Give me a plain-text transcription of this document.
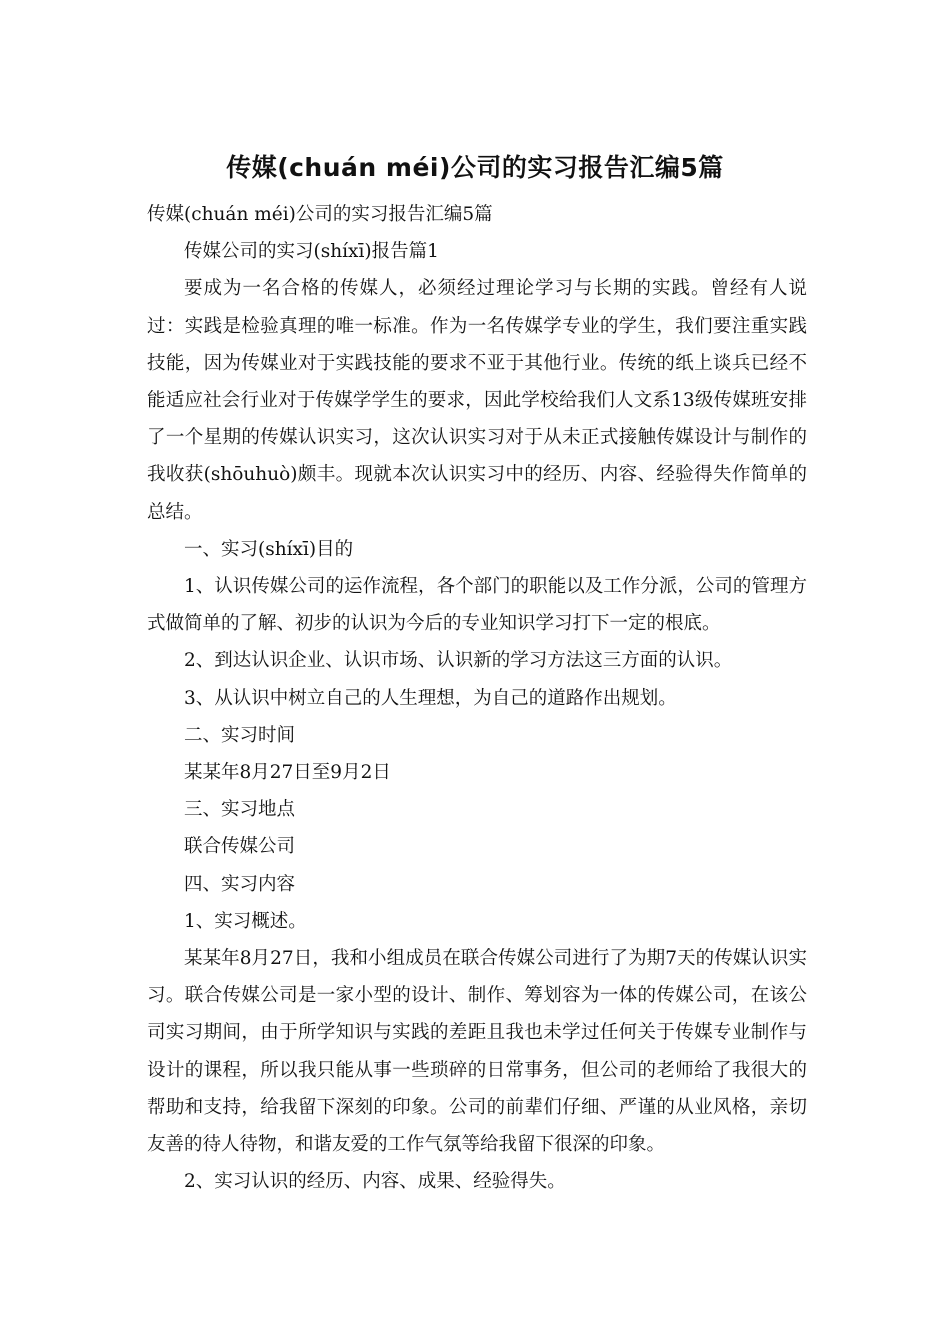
传媒(chuán méi)公司的实习报告汇编5篇

传媒(chuán méi)公司的实习报告汇编5篇

传媒公司的实习(shíxī)报告篇1

要成为一名合格的传媒人，必须经过理论学习与长期的实践。曾经有人说过：实践是检验真理的唯一标准。作为一名传媒学专业的学生，我们要注重实践技能，因为传媒业对于实践技能的要求不亚于其他行业。传统的纸上谈兵已经不能适应社会行业对于传媒学学生的要求，因此学校给我们人文系13级传媒班安排了一个星期的传媒认识实习，这次认识实习对于从未正式接触传媒设计与制作的我收获(shōuhuò)颇丰。现就本次认识实习中的经历、内容、经验得失作简单的总结。

一、实习(shíxī)目的

1、认识传媒公司的运作流程，各个部门的职能以及工作分派，公司的管理方式做简单的了解、初步的认识为今后的专业知识学习打下一定的根底。

2、到达认识企业、认识市场、认识新的学习方法这三方面的认识。

3、从认识中树立自己的人生理想，为自己的道路作出规划。

二、实习时间

某某年8月27日至9月2日

三、实习地点

联合传媒公司

四、实习内容

1、实习概述。

某某年8月27日，我和小组成员在联合传媒公司进行了为期7天的传媒认识实习。联合传媒公司是一家小型的设计、制作、筹划容为一体的传媒公司，在该公司实习期间，由于所学知识与实践的差距且我也未学过任何关于传媒专业制作与设计的课程，所以我只能从事一些琐碎的日常事务，但公司的老师给了我很大的帮助和支持，给我留下深刻的印象。公司的前辈们仔细、严谨的从业风格，亲切友善的待人待物，和谐友爱的工作气氛等给我留下很深的印象。

2、实习认识的经历、内容、成果、经验得失。
